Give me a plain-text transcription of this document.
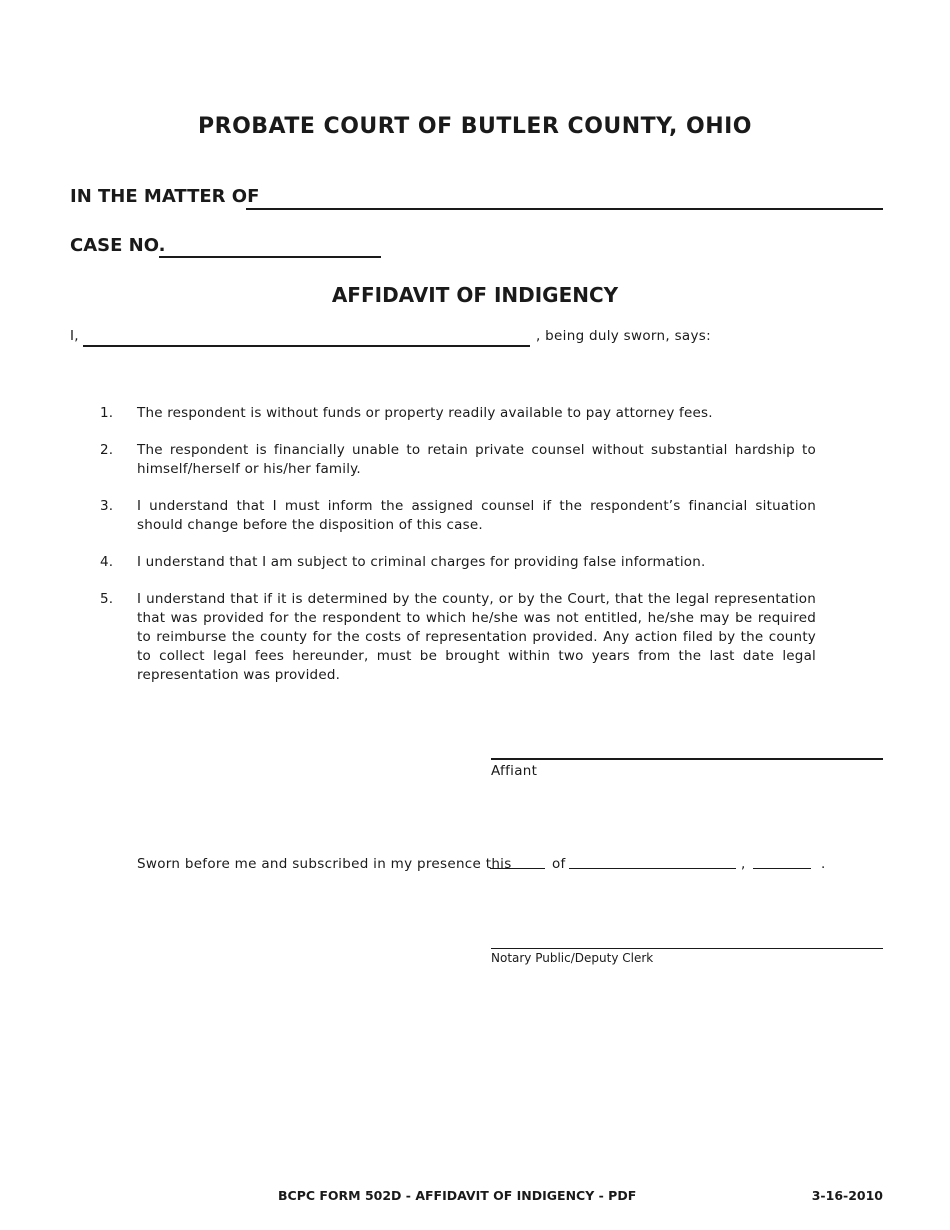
PROBATE COURT OF BUTLER COUNTY, OHIO
IN THE MATTER OF
CASE NO.
AFFIDAVIT OF INDIGENCY
I,	, being duly sworn, says:
1.	The respondent is without funds or property readily available to pay attorney fees.
2.	The respondent is financially unable to retain private counsel without substantial hardship to himself/herself or his/her family.
3.	I understand that I must inform the assigned counsel if the respondent’s financial situation should change before the disposition of this case.
4.	I understand that I am subject to criminal charges for providing false information.
5.	I understand that if it is determined by the county, or by the Court, that the legal representation that was provided for the respondent to which he/she was not entitled, he/she may be required to reimburse the county for the costs of representation provided. Any action filed by the county to collect legal fees hereunder, must be brought within two years from the last date legal representation was provided.
Affiant
Sworn before me and subscribed in my presence this	of	,	.
Notary Public/Deputy Clerk
BCPC FORM 502D - AFFIDAVIT OF INDIGENCY - PDF	3-16-2010
